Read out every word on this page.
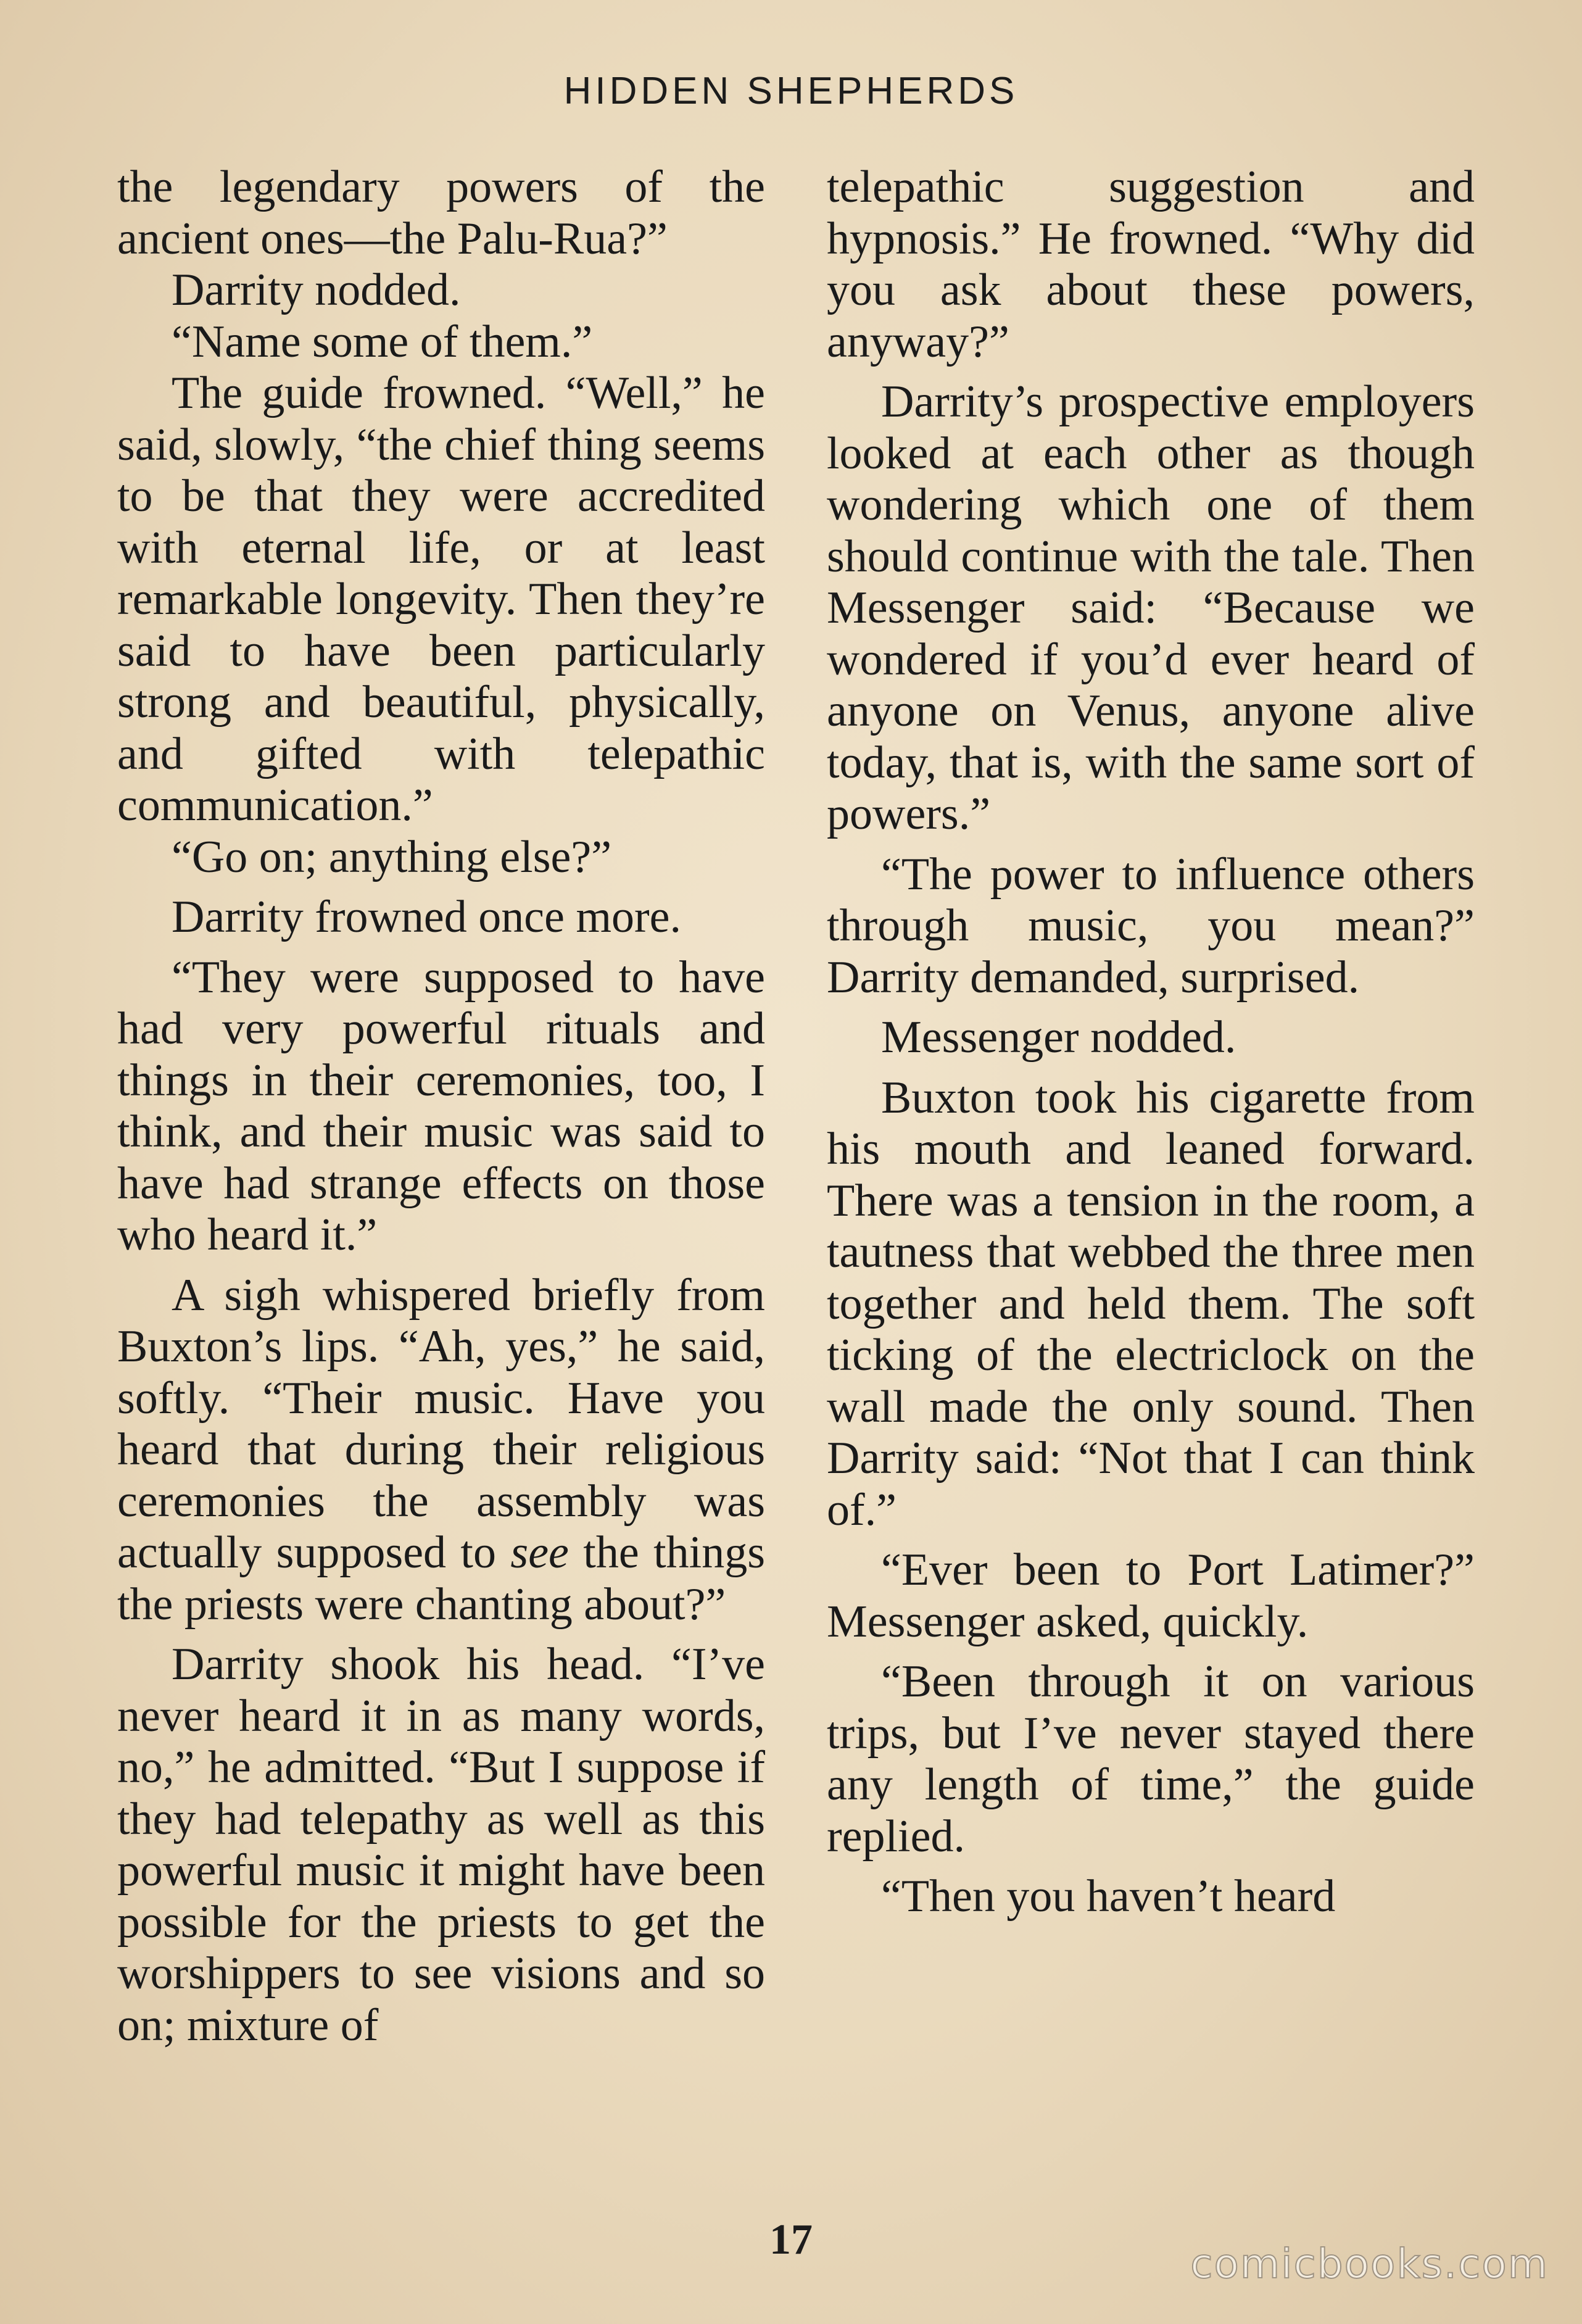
HIDDEN SHEPHERDS

the legendary powers of the ancient ones—the Palu-Rua?”

Darrity nodded.

“Name some of them.”

The guide frowned. “Well,” he said, slowly, “the chief thing seems to be that they were accredited with eternal life, or at least remarkable longevity. Then they’re said to have been particularly strong and beautiful, physically, and gifted with telepathic communication.”

“Go on; anything else?”

Darrity frowned once more.

“They were supposed to have had very powerful rituals and things in their ceremonies, too, I think, and their music was said to have had strange effects on those who heard it.”

A sigh whispered briefly from Buxton’s lips. “Ah, yes,” he said, softly. “Their music. Have you heard that during their religious ceremonies the assembly was actually supposed to see the things the priests were chanting about?”

Darrity shook his head. “I’ve never heard it in as many words, no,” he admitted. “But I suppose if they had telepathy as well as this powerful music it might have been possible for the priests to get the worshippers to see visions and so on; mixture of

telepathic suggestion and hypnosis.” He frowned. “Why did you ask about these powers, anyway?”

Darrity’s prospective employers looked at each other as though wondering which one of them should continue with the tale. Then Messenger said: “Because we wondered if you’d ever heard of anyone on Venus, anyone alive today, that is, with the same sort of powers.”

“The power to influence others through music, you mean?” Darrity demanded, surprised.

Messenger nodded.

Buxton took his cigarette from his mouth and leaned forward. There was a tension in the room, a tautness that webbed the three men together and held them. The soft ticking of the electriclock on the wall made the only sound. Then Darrity said: “Not that I can think of.”

“Ever been to Port Latimer?” Messenger asked, quickly.

“Been through it on various trips, but I’ve never stayed there any length of time,” the guide replied.

“Then you haven’t heard

17
comicbooks.com
